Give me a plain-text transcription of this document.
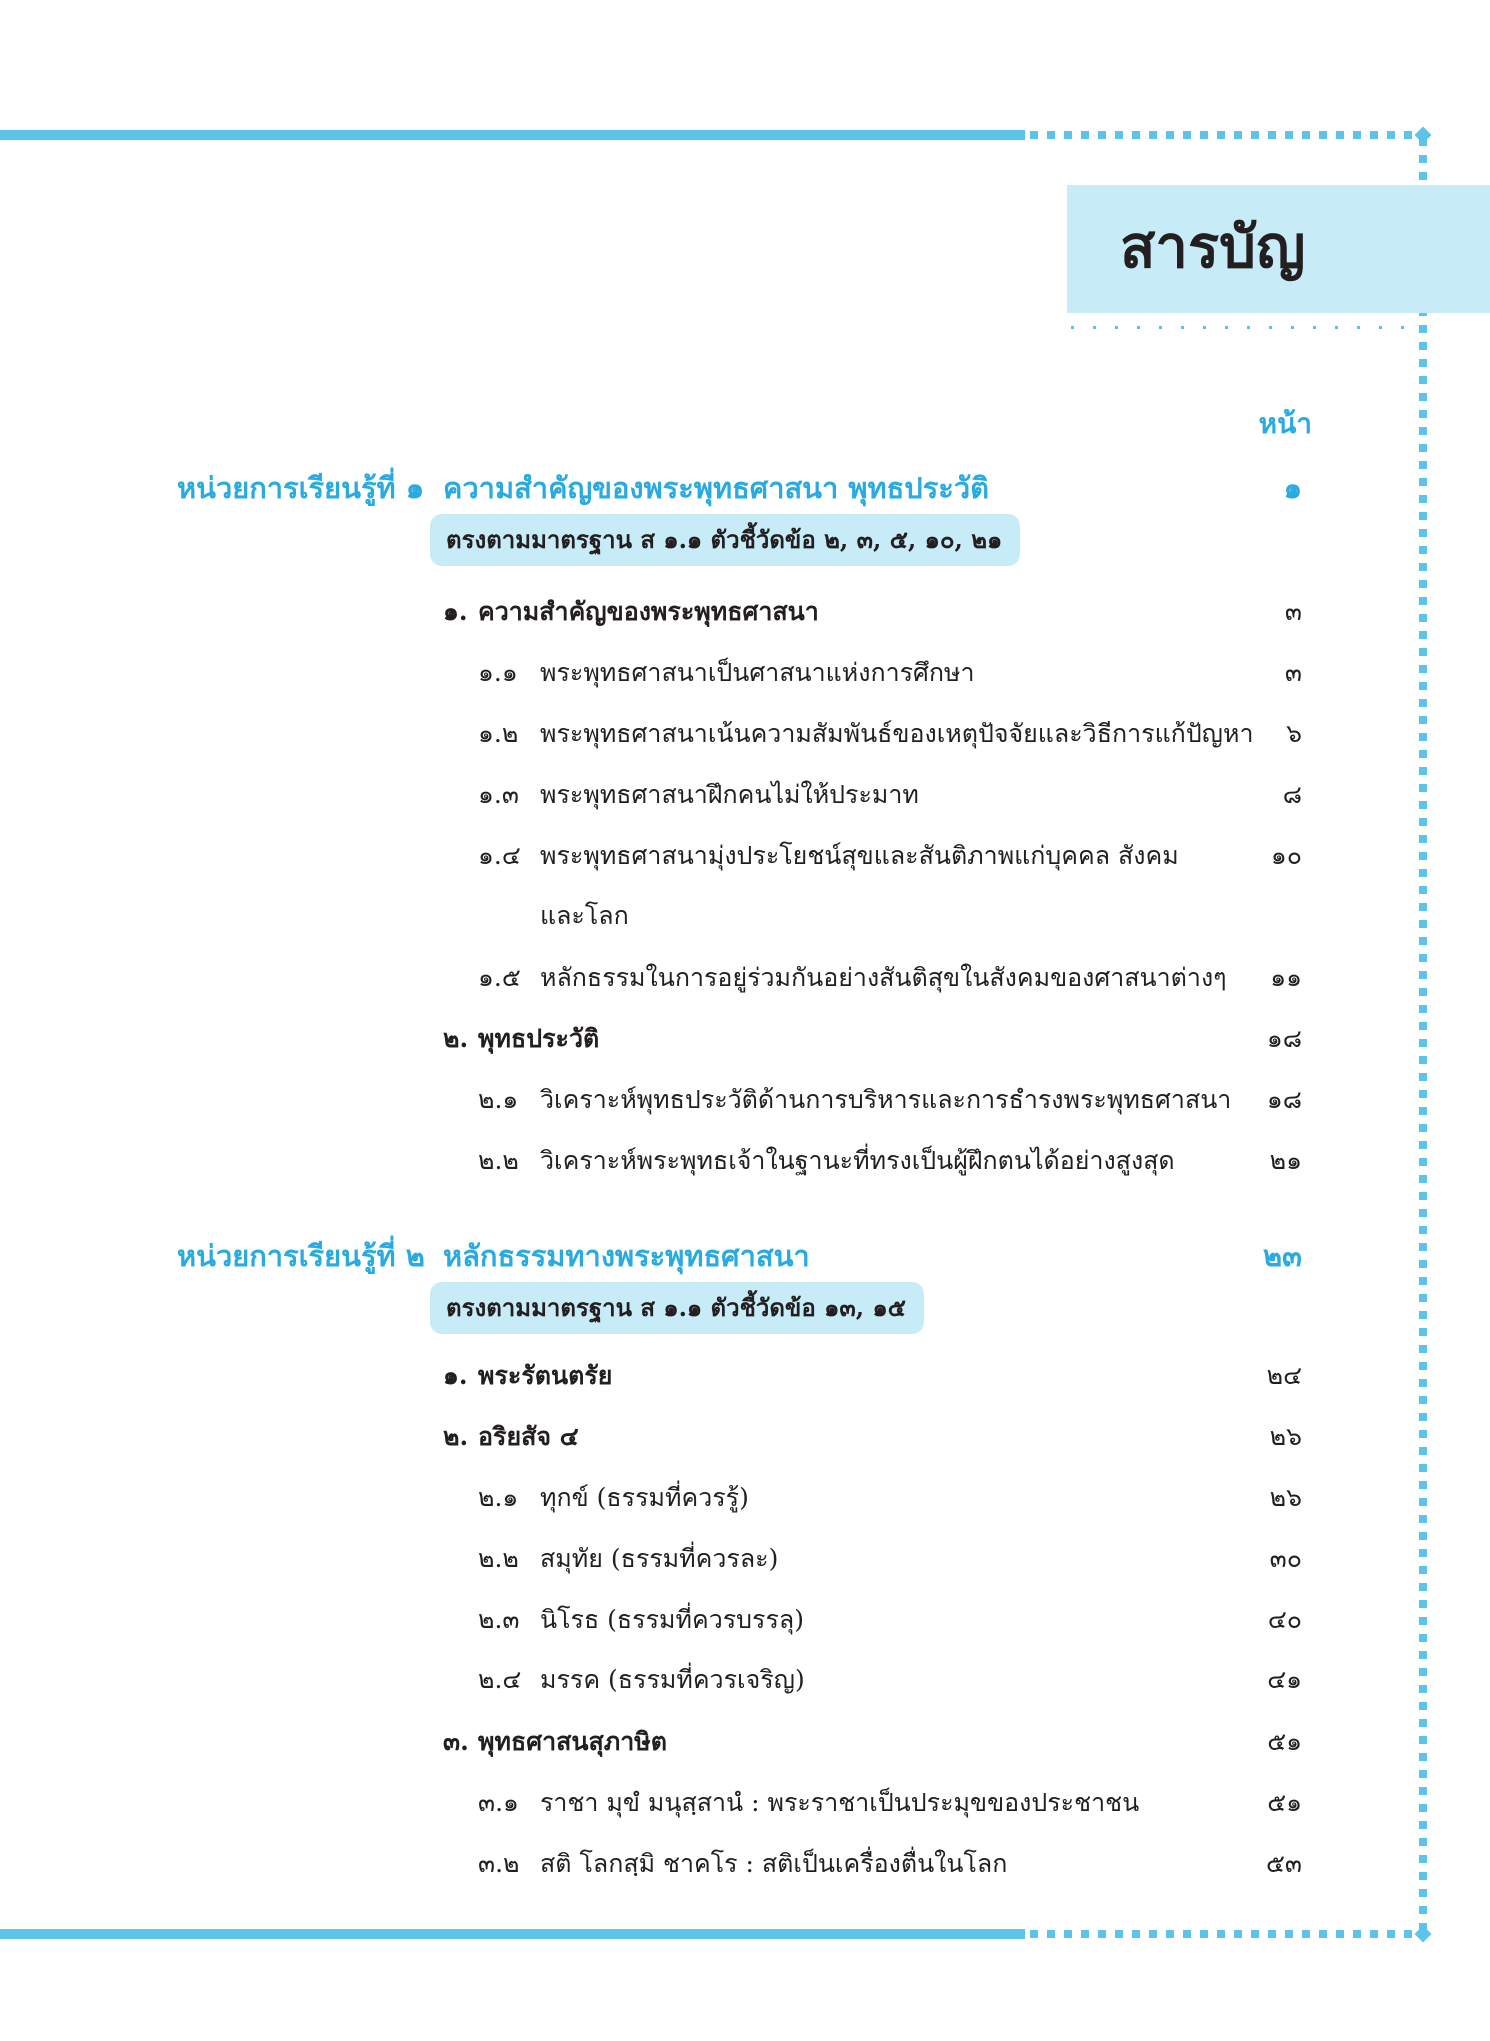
สารบัญ
หน้า
หน่วยการเรียนรู้ที่ ๑ ความสำคัญของพระพุทธศาสนา พุทธประวัติ	๑
ตรงตามมาตรฐาน ส ๑.๑ ตัวชี้วัดข้อ ๒, ๓, ๕, ๑๐, ๒๑
๑. ความสำคัญของพระพุทธศาสนา	๓
๑.๑ พระพุทธศาสนาเป็นศาสนาแห่งการศึกษา	๓
๑.๒ พระพุทธศาสนาเน้นความสัมพันธ์ของเหตุปัจจัยและวิธีการแก้ปัญหา ๖
๑.๓ พระพุทธศาสนาฝึกคนไม่ให้ประมาท	๘
๑.๔ พระพุทธศาสนามุ่งประโยชน์สุขและสันติภาพแก่บุคคล สังคม	๑๐
และโลก
๑.๕ หลักธรรมในการอยู่ร่วมกันอย่างสันติสุขในสังคมของศาสนาต่างๆ ๑๑
๒. พุทธประวัติ	๑๘
๒.๑ วิเคราะห์พุทธประวัติด้านการบริหารและการธำรงพระพุทธศาสนา ๑๘
๒.๒ วิเคราะห์พระพุทธเจ้าในฐานะที่ทรงเป็นผู้ฝึกตนได้อย่างสูงสุด	๒๑
หน่วยการเรียนรู้ที่ ๒ หลักธรรมทางพระพุทธศาสนา	๒๓
ตรงตามมาตรฐาน ส ๑.๑ ตัวชี้วัดข้อ ๑๓, ๑๕
๑. พระรัตนตรัย	๒๔
๒. อริยสัจ ๔	๒๖
๒.๑ ทุกข์ (ธรรมที่ควรรู้)	๒๖
๒.๒ สมุทัย (ธรรมที่ควรละ)	๓๐
๒.๓ นิโรธ (ธรรมที่ควรบรรลุ)	๔๐
๒.๔ มรรค (ธรรมที่ควรเจริญ)	๔๑
๓. พุทธศาสนสุภาษิต	๕๑
๓.๑ ราชา มุขํ มนุสฺสานํ : พระราชาเป็นประมุขของประชาชน	๕๑
๓.๒ สติ โลกสฺมิ ชาคโร : สติเป็นเครื่องตื่นในโลก	๕๓
